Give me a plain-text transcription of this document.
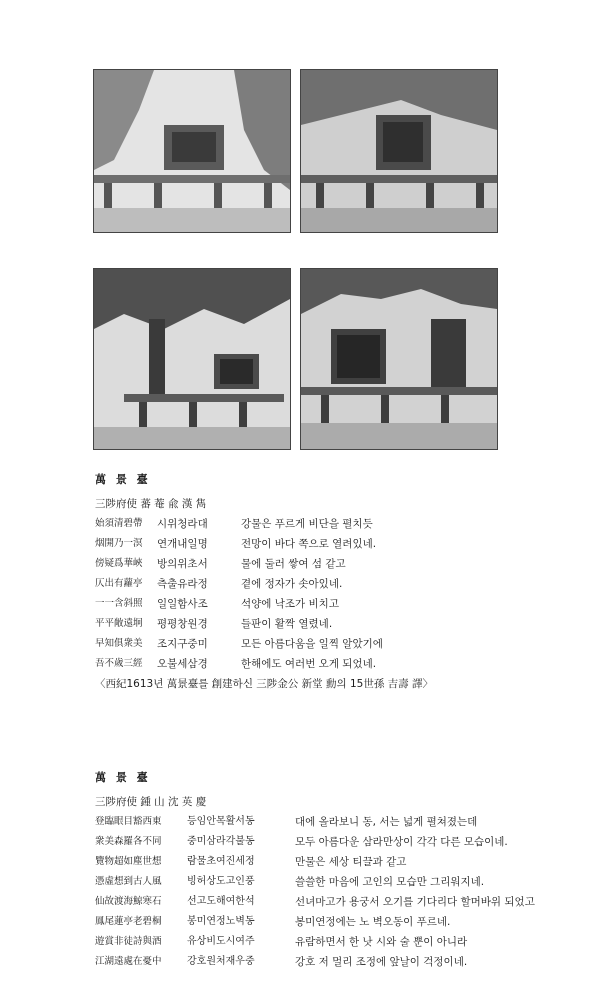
萬 景 臺
三陟府使 蕃 菴 兪 漢 雋
始須清碧帶	시위청라대	강물은 푸르게 비단을 펼치듯
烟開乃一溟	연개내일명	전망이 바다 쪽으로 열려있네.
傍疑爲華峽	방의위초서	물에 둘러 쌓여 섬 같고
仄出有蘿亭	측출유라정	곁에 정자가 솟아있네.
一一含斜照	일일함사조	석양에 낙조가 비치고
平平敞遠坰	평평창원경	들판이 활짝 열렸네.
早知俱衆美	조지구중미	모든 아름다움을 일찍 알았기에
吾不歲三經	오불세삼경	한해에도 여러번 오게 되었네.
〈西紀1613년 萬景臺를 創建하신 三陟金公 新堂 勳의 15世孫 吉壽 譯〉
萬 景 臺
三陟府使 鍾 山 沈 英 慶
登臨眼目豁西東	등임안목활서동	대에 올라보니 동, 서는 넓게 펼쳐졌는데
衆美森羅各不同	중미삼라각불동	모두 아름다운 삼라만상이 각각 다른 모습이네.
覽物超如塵世想	람물초여진세정	만물은 세상 티끌과 같고
憑虛想到古人風	빙허상도고인풍	쓸쓸한 마음에 고인의 모습만 그리워지네.
仙故渡海鯨寒石	선고도해여한석	선녀마고가 용궁서 오기를 기다리다 할머바위 되었고
鳳尾蓮亭老碧桐	봉미연정노벽동	봉미연정에는 노 벽오동이 푸르네.
遊賞非徒詩與酒	유상비도시여주	유람하면서 한 낫 시와 술 뿐이 아니라
江湖遠處在憂中	강호원처재우중	강호 저 멀리 조정에 앞날이 걱정이네.
